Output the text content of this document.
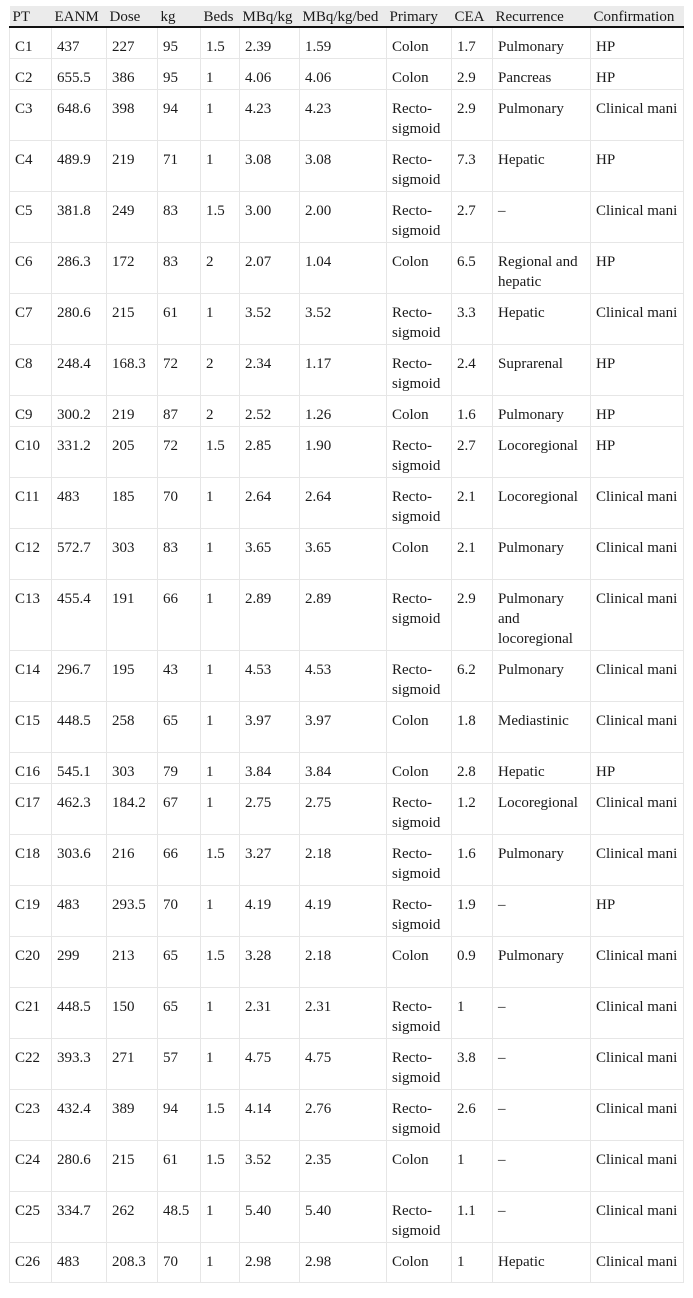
PT	EANM	Dose	kg	Beds	MBq/kg	MBq/kg/bed	Primary	CEA	Recurrence	Confirmation
C1	437	227	95	1.5	2.39	1.59	Colon	1.7	Pulmonary	HP
C2	655.5	386	95	1	4.06	4.06	Colon	2.9	Pancreas	HP
C3	648.6	398	94	1	4.23	4.23	Recto-sigmoid	2.9	Pulmonary	Clinical mani
C4	489.9	219	71	1	3.08	3.08	Recto-sigmoid	7.3	Hepatic	HP
C5	381.8	249	83	1.5	3.00	2.00	Recto-sigmoid	2.7	–	Clinical mani
C6	286.3	172	83	2	2.07	1.04	Colon	6.5	Regional and hepatic	HP
C7	280.6	215	61	1	3.52	3.52	Recto-sigmoid	3.3	Hepatic	Clinical mani
C8	248.4	168.3	72	2	2.34	1.17	Recto-sigmoid	2.4	Suprarenal	HP
C9	300.2	219	87	2	2.52	1.26	Colon	1.6	Pulmonary	HP
C10	331.2	205	72	1.5	2.85	1.90	Recto-sigmoid	2.7	Locoregional	HP
C11	483	185	70	1	2.64	2.64	Recto-sigmoid	2.1	Locoregional	Clinical mani
C12	572.7	303	83	1	3.65	3.65	Colon	2.1	Pulmonary	Clinical mani
C13	455.4	191	66	1	2.89	2.89	Recto-sigmoid	2.9	Pulmonary and locoregional	Clinical mani
C14	296.7	195	43	1	4.53	4.53	Recto-sigmoid	6.2	Pulmonary	Clinical mani
C15	448.5	258	65	1	3.97	3.97	Colon	1.8	Mediastinic	Clinical mani
C16	545.1	303	79	1	3.84	3.84	Colon	2.8	Hepatic	HP
C17	462.3	184.2	67	1	2.75	2.75	Recto-sigmoid	1.2	Locoregional	Clinical mani
C18	303.6	216	66	1.5	3.27	2.18	Recto-sigmoid	1.6	Pulmonary	Clinical mani
C19	483	293.5	70	1	4.19	4.19	Recto-sigmoid	1.9	–	HP
C20	299	213	65	1.5	3.28	2.18	Colon	0.9	Pulmonary	Clinical mani
C21	448.5	150	65	1	2.31	2.31	Recto-sigmoid	1	–	Clinical mani
C22	393.3	271	57	1	4.75	4.75	Recto-sigmoid	3.8	–	Clinical mani
C23	432.4	389	94	1.5	4.14	2.76	Recto-sigmoid	2.6	–	Clinical mani
C24	280.6	215	61	1.5	3.52	2.35	Colon	1	–	Clinical mani
C25	334.7	262	48.5	1	5.40	5.40	Recto-sigmoid	1.1	–	Clinical mani
C26	483	208.3	70	1	2.98	2.98	Colon	1	Hepatic	Clinical mani
